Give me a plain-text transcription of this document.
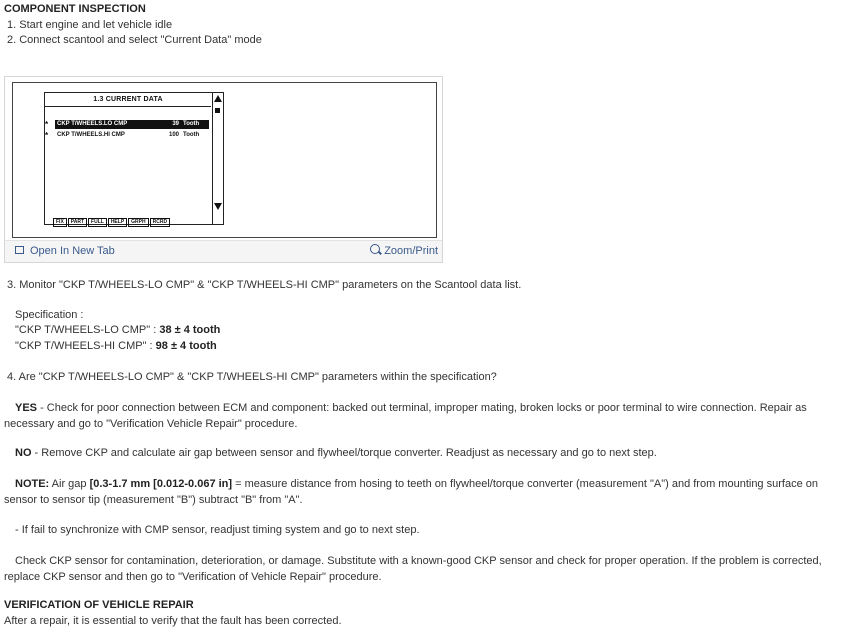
COMPONENT INSPECTION
1. Start engine and let vehicle idle
2. Connect scantool and select "Current Data" mode
1.3 CURRENT DATA
* CKP T/WHEELS.LO CMP	39 Tooth
* CKP T/WHEELS.HI CMP	100 Tooth
FIX PART FULL HELP GRPH RCRD
Open In New Tab	Zoom/Print
3. Monitor "CKP T/WHEELS-LO CMP" & "CKP T/WHEELS-HI CMP" parameters on the Scantool data list.
Specification :
"CKP T/WHEELS-LO CMP" : 38 ± 4 tooth
"CKP T/WHEELS-HI CMP" : 98 ± 4 tooth
4. Are "CKP T/WHEELS-LO CMP" & "CKP T/WHEELS-HI CMP" parameters within the specification?
YES - Check for poor connection between ECM and component: backed out terminal, improper mating, broken locks or poor terminal to wire connection. Repair as necessary and go to "Verification Vehicle Repair" procedure.
NO - Remove CKP and calculate air gap between sensor and flywheel/torque converter. Readjust as necessary and go to next step.
NOTE: Air gap [0.3-1.7 mm [0.012-0.067 in] = measure distance from hosing to teeth on flywheel/torque converter (measurement "A") and from mounting surface on sensor to sensor tip (measurement "B") subtract "B" from "A".
- If fail to synchronize with CMP sensor, readjust timing system and go to next step.
Check CKP sensor for contamination, deterioration, or damage. Substitute with a known-good CKP sensor and check for proper operation. If the problem is corrected, replace CKP sensor and then go to "Verification of Vehicle Repair" procedure.
VERIFICATION OF VEHICLE REPAIR
After a repair, it is essential to verify that the fault has been corrected.
